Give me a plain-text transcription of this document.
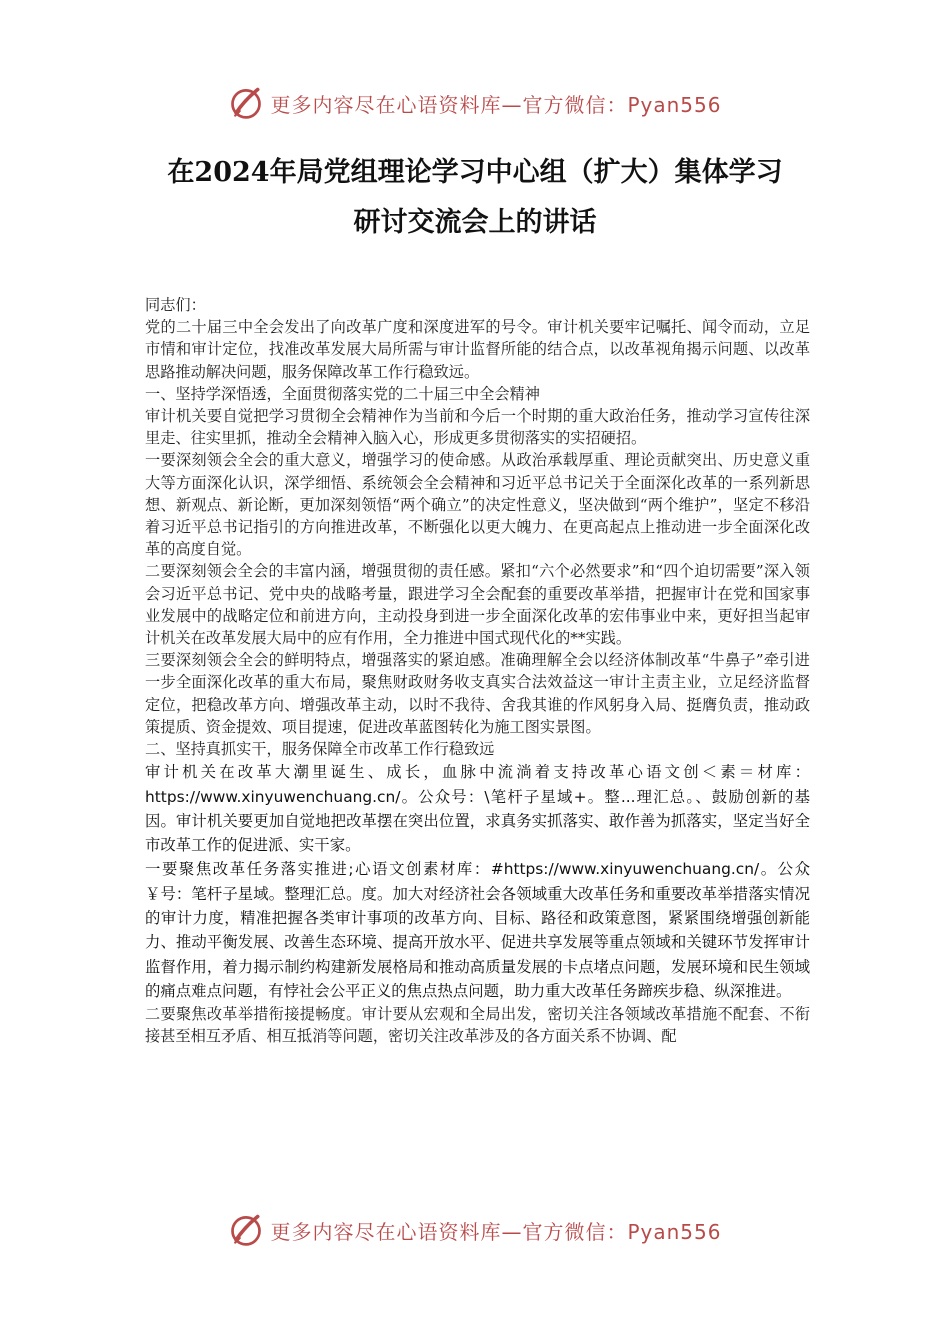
更多内容尽在心语资料库—官方微信：Pyan556
在2024年局党组理论学习中心组（扩大）集体学习
研讨交流会上的讲话

同志们：

党的二十届三中全会发出了向改革广度和深度进军的号令。审计机关要牢记嘱托、闻令而动，立足市情和审计定位，找准改革发展大局所需与审计监督所能的结合点，以改革视角揭示问题、以改革思路推动解决问题，服务保障改革工作行稳致远。

一、坚持学深悟透，全面贯彻落实党的二十届三中全会精神

审计机关要自觉把学习贯彻全会精神作为当前和今后一个时期的重大政治任务，推动学习宣传往深里走、往实里抓，推动全会精神入脑入心，形成更多贯彻落实的实招硬招。

一要深刻领会全会的重大意义，增强学习的使命感。从政治承载厚重、理论贡献突出、历史意义重大等方面深化认识，深学细悟、系统领会全会精神和习近平总书记关于全面深化改革的一系列新思想、新观点、新论断，更加深刻领悟“两个确立”的决定性意义，坚决做到“两个维护”，坚定不移沿着习近平总书记指引的方向推进改革，不断强化以更大魄力、在更高起点上推动进一步全面深化改革的高度自觉。

二要深刻领会全会的丰富内涵，增强贯彻的责任感。紧扣“六个必然要求”和“四个迫切需要”深入领会习近平总书记、党中央的战略考量，跟进学习全会配套的重要改革举措，把握审计在党和国家事业发展中的战略定位和前进方向，主动投身到进一步全面深化改革的宏伟事业中来，更好担当起审计机关在改革发展大局中的应有作用，全力推进中国式现代化的**实践。

三要深刻领会全会的鲜明特点，增强落实的紧迫感。准确理解全会以经济体制改革“牛鼻子”牵引进一步全面深化改革的重大布局，聚焦财政财务收支真实合法效益这一审计主责主业，立足经济监督定位，把稳改革方向、增强改革主动，以时不我待、舍我其谁的作风躬身入局、挺膺负责，推动政策提质、资金提效、项目提速，促进改革蓝图转化为施工图实景图。

二、坚持真抓实干，服务保障全市改革工作行稳致远

审计机关在改革大潮里诞生、成长，血脉中流淌着支持改革心语文创＜素＝材库：https://www.xinyuwenchuang.cn/。公众号：\笔杆子星域+。整...理汇总。、鼓励创新的基因。审计机关要更加自觉地把改革摆在突出位置，求真务实抓落实、敢作善为抓落实，坚定当好全市改革工作的促进派、实干家。

一要聚焦改革任务落实推进;心语文创素材库：#https://www.xinyuwenchuang.cn/。公众￥号：笔杆子星域。整理汇总。度。加大对经济社会各领域重大改革任务和重要改革举措落实情况的审计力度，精准把握各类审计事项的改革方向、目标、路径和政策意图，紧紧围绕增强创新能力、推动平衡发展、改善生态环境、提高开放水平、促进共享发展等重点领域和关键环节发挥审计监督作用，着力揭示制约构建新发展格局和推动高质量发展的卡点堵点问题，发展环境和民生领域的痛点难点问题，有悖社会公平正义的焦点热点问题，助力重大改革任务蹄疾步稳、纵深推进。

二要聚焦改革举措衔接提畅度。审计要从宏观和全局出发，密切关注各领域改革措施不配套、不衔接甚至相互矛盾、相互抵消等问题，密切关注改革涉及的各方面关系不协调、配

更多内容尽在心语资料库—官方微信：Pyan556
